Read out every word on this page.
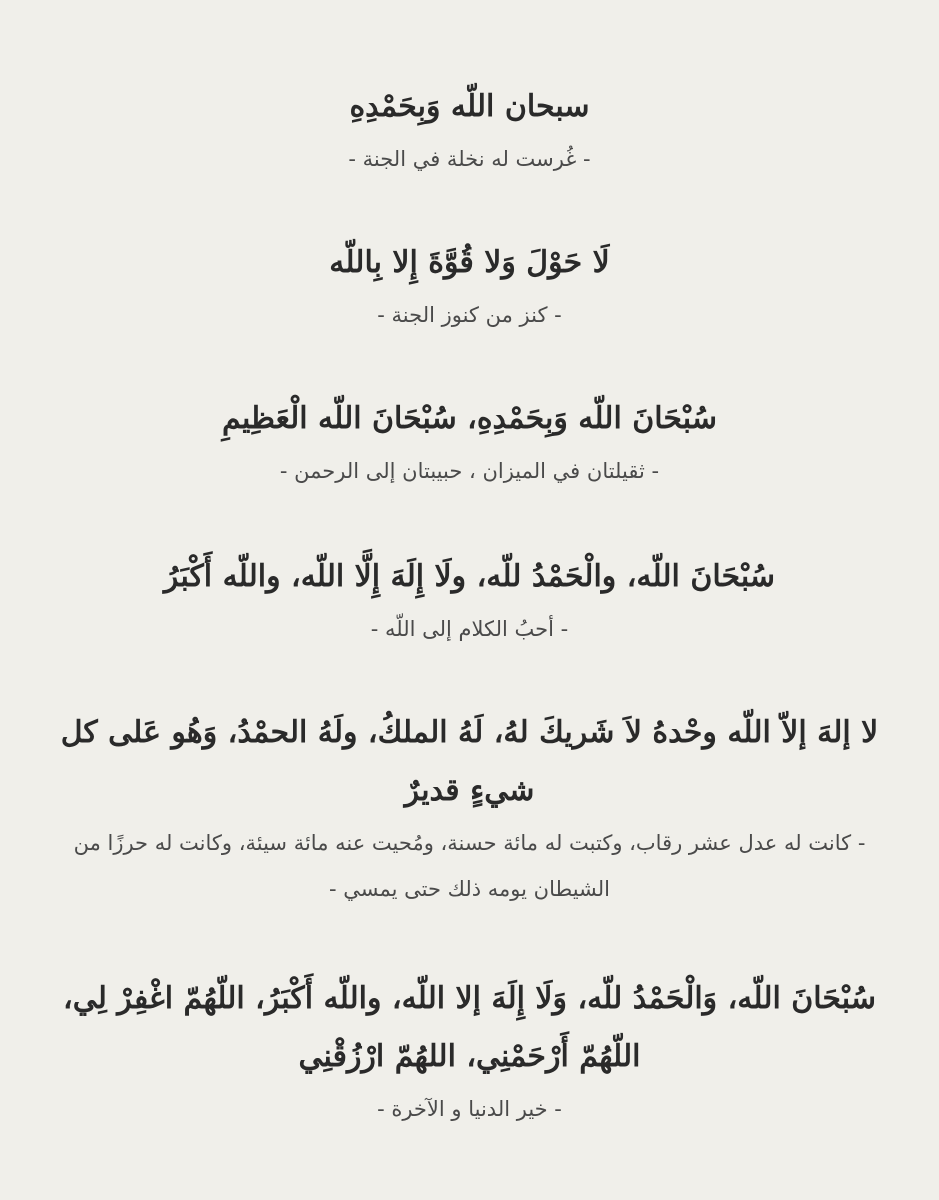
سبحان اللّه وَبِحَمْدِهِ

- غُرست له نخلة في الجنة -

لَا حَوْلَ وَلا قُوَّةَ إِلا بِاللّه

- كنز من كنوز الجنة -

سُبْحَانَ اللّه وَبِحَمْدِهِ، سُبْحَانَ اللّه الْعَظِيمِ

- ثقيلتان في الميزان ، حبيبتان إلى الرحمن -

سُبْحَانَ اللّه، والْحَمْدُ للّه، ولَا إِلَهَ إِلَّا اللّه، واللّه أَكْبَرُ

- أحبُ الكلام إلى اللّه -

لا إلهَ إلاّ اللّه وحْدهُ لاَ شَريكَ لهُ، لَهُ الملكُ، ولَهُ الحمْدُ، وَهُو عَلى كل شيءٍ قديرٌ

- كانت له عدل عشر رقاب، وكتبت له مائة حسنة، ومُحيت عنه مائة سيئة، وكانت له حرزًا من الشيطان يومه ذلك حتى يمسي -

سُبْحَانَ اللّه، وَالْحَمْدُ للّه، وَلَا إِلَهَ إلا اللّه، واللّه أَكْبَرُ، اللّهُمّ اغْفِرْ لِي، اللّهُمّ أَرْحَمْنِي، اللهُمّ ارْزُقْنِي

- خير الدنيا و الآخرة -
